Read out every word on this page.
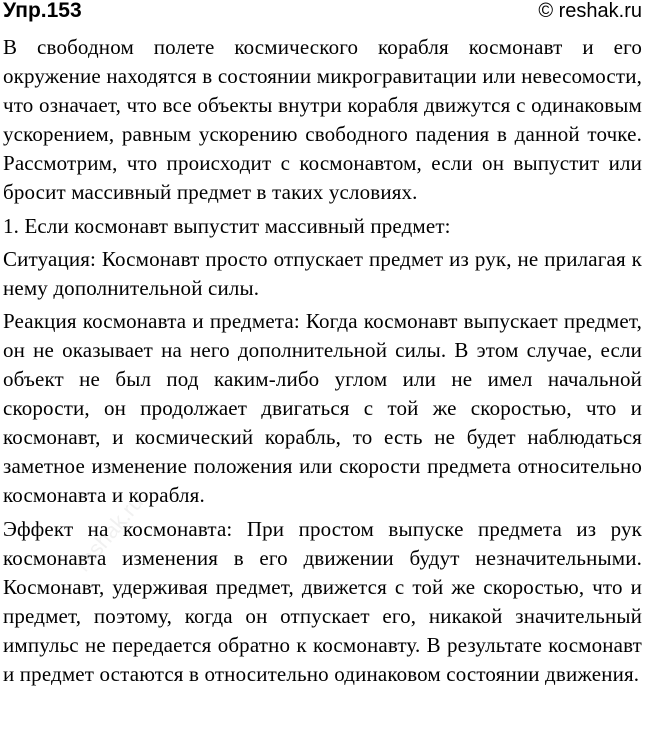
Упр.153	© reshak.ru

В свободном полете космического корабля космонавт и его окружение находятся в состоянии микрогравитации или невесомости, что означает, что все объекты внутри корабля движутся с одинаковым ускорением, равным ускорению свободного падения в данной точке. Рассмотрим, что происходит с космонавтом, если он выпустит или бросит массивный предмет в таких условиях.

1. Если космонавт выпустит массивный предмет:

Ситуация: Космонавт просто отпускает предмет из рук, не прилагая к нему дополнительной силы.

Реакция космонавта и предмета: Когда космонавт выпускает предмет, он не оказывает на него дополнительной силы. В этом случае, если объект не был под каким-либо углом или не имел начальной скорости, он продолжает двигаться с той же скоростью, что и космонавт, и космический корабль, то есть не будет наблюдаться заметное изменение положения или скорости предмета относительно космонавта и корабля.

Эффект на космонавта: При простом выпуске предмета из рук космонавта изменения в его движении будут незначительными. Космонавт, удерживая предмет, движется с той же скоростью, что и предмет, поэтому, когда он отпускает его, никакой значительный импульс не передается обратно к космонавту. В результате космонавт и предмет остаются в относительно одинаковом состоянии движения.

reshak.ru
